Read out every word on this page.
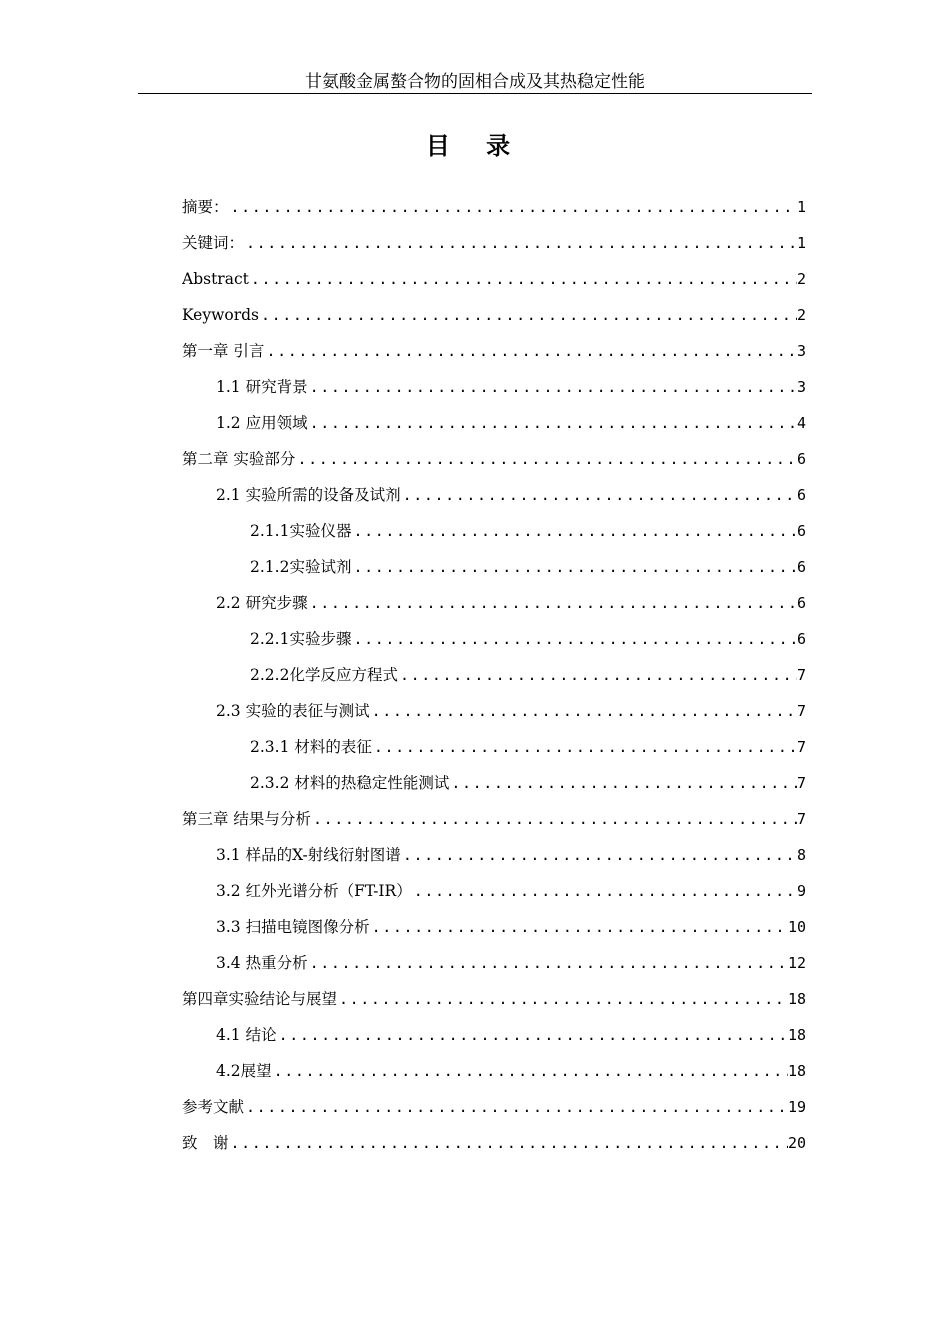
甘氨酸金属螯合物的固相合成及其热稳定性能
目 录
摘要： .....	1
关键词： .....	1
Abstract .....	2
Keywords .....	2
第一章 引言 .....	3
1.1 研究背景 .....	3
1.2 应用领域 .....	4
第二章 实验部分 .....	6
2.1 实验所需的设备及试剂 .....	6
2.1.1实验仪器 .....	6
2.1.2实验试剂 .....	6
2.2 研究步骤 .....	6
2.2.1实验步骤 .....	6
2.2.2化学反应方程式 .....	7
2.3 实验的表征与测试 .....	7
2.3.1 材料的表征 .....	7
2.3.2 材料的热稳定性能测试 .....	7
第三章 结果与分析 .....	7
3.1 样品的X-射线衍射图谱 .....	8
3.2 红外光谱分析（FT-IR） .....	9
3.3 扫描电镜图像分析 .....	10
3.4 热重分析 .....	12
第四章实验结论与展望 .....	18
4.1 结论 .....	18
4.2展望 .....	18
参考文献 .....	19
致　谢 .....	20
